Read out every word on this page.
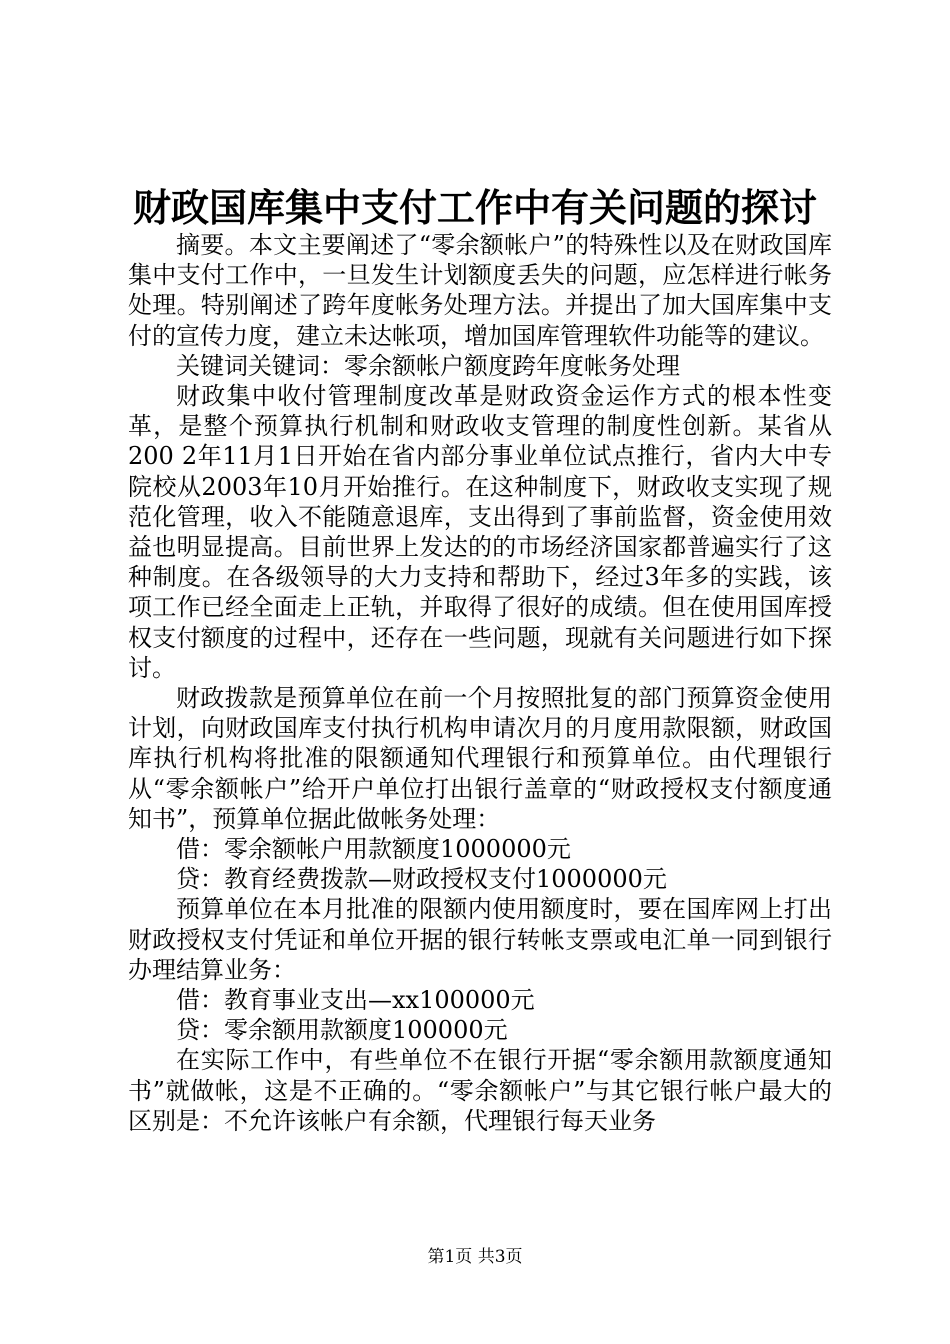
财政国库集中支付工作中有关问题的探讨

摘要。本文主要阐述了“零余额帐户”的特殊性以及在财政国库集中支付工作中，一旦发生计划额度丢失的问题，应怎样进行帐务处理。特别阐述了跨年度帐务处理方法。并提出了加大国库集中支付的宣传力度，建立未达帐项，增加国库管理软件功能等的建议。

关键词关键词：零余额帐户额度跨年度帐务处理

财政集中收付管理制度改革是财政资金运作方式的根本性变革，是整个预算执行机制和财政收支管理的制度性创新。某省从200 2年11月1日开始在省内部分事业单位试点推行，省内大中专院校从2003年10月开始推行。在这种制度下，财政收支实现了规范化管理，收入不能随意退库，支出得到了事前监督，资金使用效益也明显提高。目前世界上发达的的市场经济国家都普遍实行了这种制度。在各级领导的大力支持和帮助下，经过3年多的实践，该项工作已经全面走上正轨，并取得了很好的成绩。但在使用国库授权支付额度的过程中，还存在一些问题，现就有关问题进行如下探讨。

财政拨款是预算单位在前一个月按照批复的部门预算资金使用计划，向财政国库支付执行机构申请次月的月度用款限额，财政国库执行机构将批准的限额通知代理银行和预算单位。由代理银行从“零余额帐户”给开户单位打出银行盖章的“财政授权支付额度通知书”，预算单位据此做帐务处理：

借：零余额帐户用款额度1000000元

贷：教育经费拨款—财政授权支付1000000元

预算单位在本月批准的限额内使用额度时，要在国库网上打出财政授权支付凭证和单位开据的银行转帐支票或电汇单一同到银行办理结算业务：

借：教育事业支出—xx100000元

贷：零余额用款额度100000元

在实际工作中，有些单位不在银行开据“零余额用款额度通知书”就做帐，这是不正确的。“零余额帐户”与其它银行帐户最大的区别是：不允许该帐户有余额，代理银行每天业务

第1页 共3页
